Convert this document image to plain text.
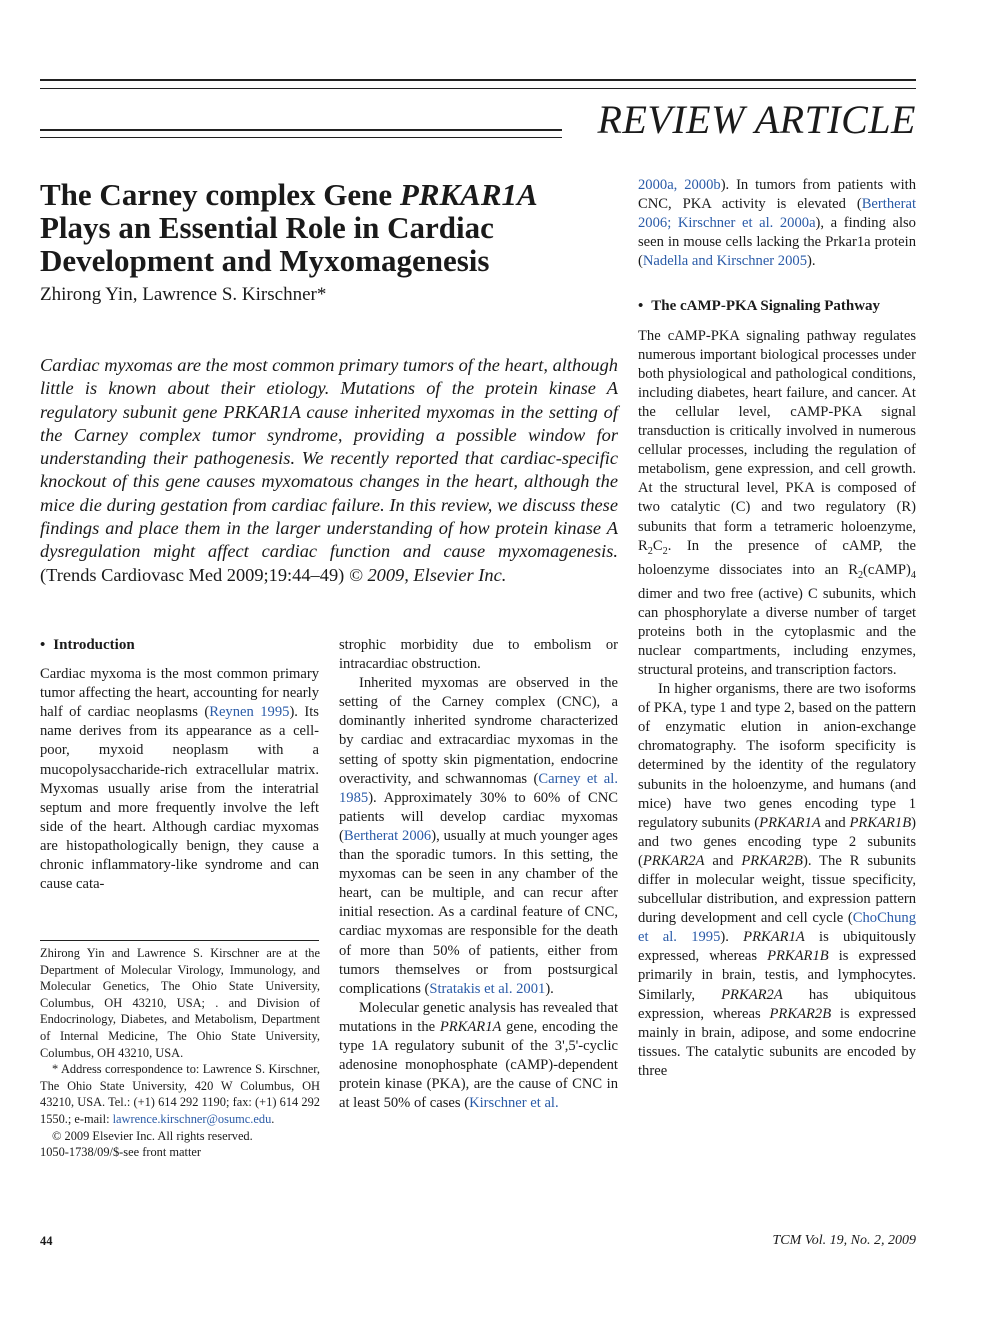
REVIEW ARTICLE
The Carney complex Gene PRKAR1A Plays an Essential Role in Cardiac Development and Myxomagenesis
Zhirong Yin, Lawrence S. Kirschner*
Cardiac myxomas are the most common primary tumors of the heart, although little is known about their etiology. Mutations of the protein kinase A regulatory subunit gene PRKAR1A cause inherited myxomas in the setting of the Carney complex tumor syndrome, providing a possible window for understanding their pathogenesis. We recently reported that cardiac-specific knockout of this gene causes myxomatous changes in the heart, although the mice die during gestation from cardiac failure. In this review, we discuss these findings and place them in the larger understanding of how protein kinase A dysregulation might affect cardiac function and cause myxomagenesis. (Trends Cardiovasc Med 2009;19:44–49) © 2009, Elsevier Inc.

• Introduction

Cardiac myxoma is the most common primary tumor affecting the heart, accounting for nearly half of cardiac neoplasms (Reynen 1995). Its name derives from its appearance as a cell-poor, myxoid neoplasm with a mucopolysaccharide-rich extracellular matrix. Myxomas usually arise from the interatrial septum and more frequently involve the left side of the heart. Although cardiac myxomas are histopathologically benign, they cause a chronic inflammatory-like syndrome and can cause cata-

Zhirong Yin and Lawrence S. Kirschner are at the Department of Molecular Virology, Immunology, and Molecular Genetics, The Ohio State University, Columbus, OH 43210, USA; . and Division of Endocrinology, Diabetes, and Metabolism, Department of Internal Medicine, The Ohio State University, Columbus, OH 43210, USA.

* Address correspondence to: Lawrence S. Kirschner, The Ohio State University, 420 W Columbus, OH 43210, USA. Tel.: (+1) 614 292 1190; fax: (+1) 614 292 1550.; e-mail: lawrence.kirschner@osumc.edu.

© 2009 Elsevier Inc. All rights reserved.

1050-1738/09/$-see front matter

strophic morbidity due to embolism or intracardiac obstruction.

Inherited myxomas are observed in the setting of the Carney complex (CNC), a dominantly inherited syndrome characterized by cardiac and extracardiac myxomas in the setting of spotty skin pigmentation, endocrine overactivity, and schwannomas (Carney et al. 1985). Approximately 30% to 60% of CNC patients will develop cardiac myxomas (Bertherat 2006), usually at much younger ages than the sporadic tumors. In this setting, the myxomas can be seen in any chamber of the heart, can be multiple, and can recur after initial resection. As a cardinal feature of CNC, cardiac myxomas are responsible for the death of more than 50% of patients, either from tumors themselves or from postsurgical complications (Stratakis et al. 2001).

Molecular genetic analysis has revealed that mutations in the PRKAR1A gene, encoding the type 1A regulatory subunit of the 3',5'-cyclic adenosine monophosphate (cAMP)-dependent protein kinase (PKA), are the cause of CNC in at least 50% of cases (Kirschner et al.

2000a, 2000b). In tumors from patients with CNC, PKA activity is elevated (Bertherat 2006; Kirschner et al. 2000a), a finding also seen in mouse cells lacking the Prkar1a protein (Nadella and Kirschner 2005).

• The cAMP-PKA Signaling Pathway

The cAMP-PKA signaling pathway regulates numerous important biological processes under both physiological and pathological conditions, including diabetes, heart failure, and cancer. At the cellular level, cAMP-PKA signal transduction is critically involved in numerous cellular processes, including the regulation of metabolism, gene expression, and cell growth. At the structural level, PKA is composed of two catalytic (C) and two regulatory (R) subunits that form a tetrameric holoenzyme, $R_2C_2$. In the presence of cAMP, the holoenzyme dissociates into an $R_2(cAMP)_4$ dimer and two free (active) C subunits, which can phosphorylate a diverse number of target proteins both in the cytoplasmic and the nuclear compartments, including enzymes, structural proteins, and transcription factors.

In higher organisms, there are two isoforms of PKA, type 1 and type 2, based on the pattern of enzymatic elution in anion-exchange chromatography. The isoform specificity is determined by the identity of the regulatory subunits in the holoenzyme, and humans (and mice) have two genes encoding type 1 regulatory subunits (PRKAR1A and PRKAR1B) and two genes encoding type 2 subunits (PRKAR2A and PRKAR2B). The R subunits differ in molecular weight, tissue specificity, subcellular distribution, and expression pattern during development and cell cycle (ChoChung et al. 1995). PRKAR1A is ubiquitously expressed, whereas PRKAR1B is expressed primarily in brain, testis, and lymphocytes. Similarly, PRKAR2A has ubiquitous expression, whereas PRKAR2B is expressed mainly in brain, adipose, and some endocrine tissues. The catalytic subunits are encoded by three

44	TCM Vol. 19, No. 2, 2009
